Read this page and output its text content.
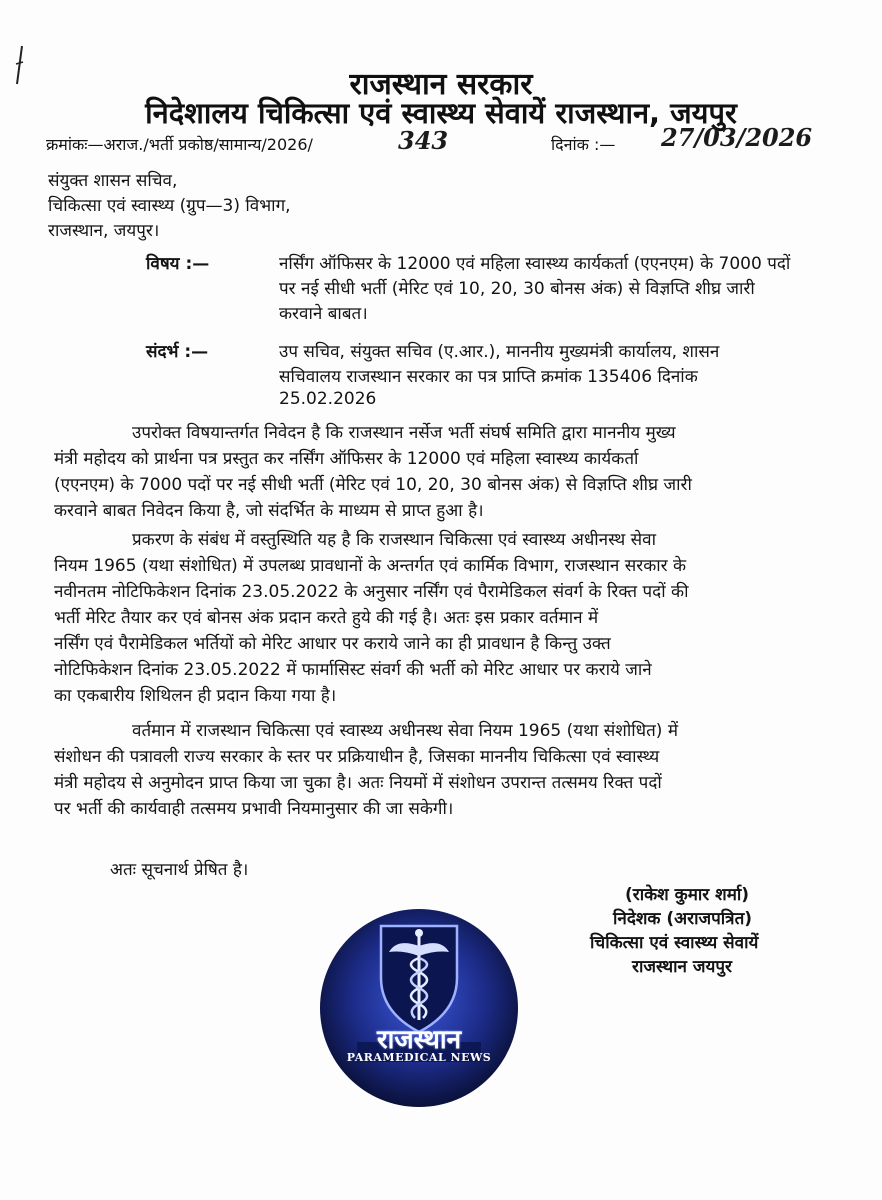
राजस्थान सरकार
निदेशालय चिकित्सा एवं स्वास्थ्य सेवायें राजस्थान, जयपुर
क्रमांकः—अराज./भर्ती प्रकोष्ठ/सामान्य/2026/	343	दिनांक :— 27/03/2026
संयुक्त शासन सचिव,
चिकित्सा एवं स्वास्थ्य (ग्रुप—3) विभाग,
राजस्थान, जयपुर।
विषय :—	नर्सिंग ऑफिसर के 12000 एवं महिला स्वास्थ्य कार्यकर्ता (एएनएम) के 7000 पदों
पर नई सीधी भर्ती (मेरिट एवं 10, 20, 30 बोनस अंक) से विज्ञप्ति शीघ्र जारी
करवाने बाबत।
संदर्भ :—	उप सचिव, संयुक्त सचिव (ए.आर.), माननीय मुख्यमंत्री कार्यालय, शासन
सचिवालय राजस्थान सरकार का पत्र प्राप्ति क्रमांक 135406 दिनांक
25.02.2026
उपरोक्त विषयान्तर्गत निवेदन है कि राजस्थान नर्सेज भर्ती संघर्ष समिति द्वारा माननीय मुख्य
मंत्री महोदय को प्रार्थना पत्र प्रस्तुत कर नर्सिंग ऑफिसर के 12000 एवं महिला स्वास्थ्य कार्यकर्ता
(एएनएम) के 7000 पदों पर नई सीधी भर्ती (मेरिट एवं 10, 20, 30 बोनस अंक) से विज्ञप्ति शीघ्र जारी
करवाने बाबत निवेदन किया है, जो संदर्भित के माध्यम से प्राप्त हुआ है।
प्रकरण के संबंध में वस्तुस्थिति यह है कि राजस्थान चिकित्सा एवं स्वास्थ्य अधीनस्थ सेवा
नियम 1965 (यथा संशोधित) में उपलब्ध प्रावधानों के अन्तर्गत एवं कार्मिक विभाग, राजस्थान सरकार के
नवीनतम नोटिफिकेशन दिनांक 23.05.2022 के अनुसार नर्सिंग एवं पैरामेडिकल संवर्ग के रिक्त पदों की
भर्ती मेरिट तैयार कर एवं बोनस अंक प्रदान करते हुये की गई है। अतः इस प्रकार वर्तमान में
नर्सिंग एवं पैरामेडिकल भर्तियों को मेरिट आधार पर कराये जाने का ही प्रावधान है किन्तु उक्त
नोटिफिकेशन दिनांक 23.05.2022 में फार्मासिस्ट संवर्ग की भर्ती को मेरिट आधार पर कराये जाने
का एकबारीय शिथिलन ही प्रदान किया गया है।
वर्तमान में राजस्थान चिकित्सा एवं स्वास्थ्य अधीनस्थ सेवा नियम 1965 (यथा संशोधित) में
संशोधन की पत्रावली राज्य सरकार के स्तर पर प्रक्रियाधीन है, जिसका माननीय चिकित्सा एवं स्वास्थ्य
मंत्री महोदय से अनुमोदन प्राप्त किया जा चुका है। अतः नियमों में संशोधन उपरान्त तत्समय रिक्त पदों
पर भर्ती की कार्यवाही तत्समय प्रभावी नियमानुसार की जा सकेगी।
अतः सूचनार्थ प्रेषित है।
(राकेश कुमार शर्मा)
निदेशक (अराजपत्रित)
चिकित्सा एवं स्वास्थ्य सेवायें
राजस्थान जयपुर
राजस्थान
PARAMEDICAL NEWS
